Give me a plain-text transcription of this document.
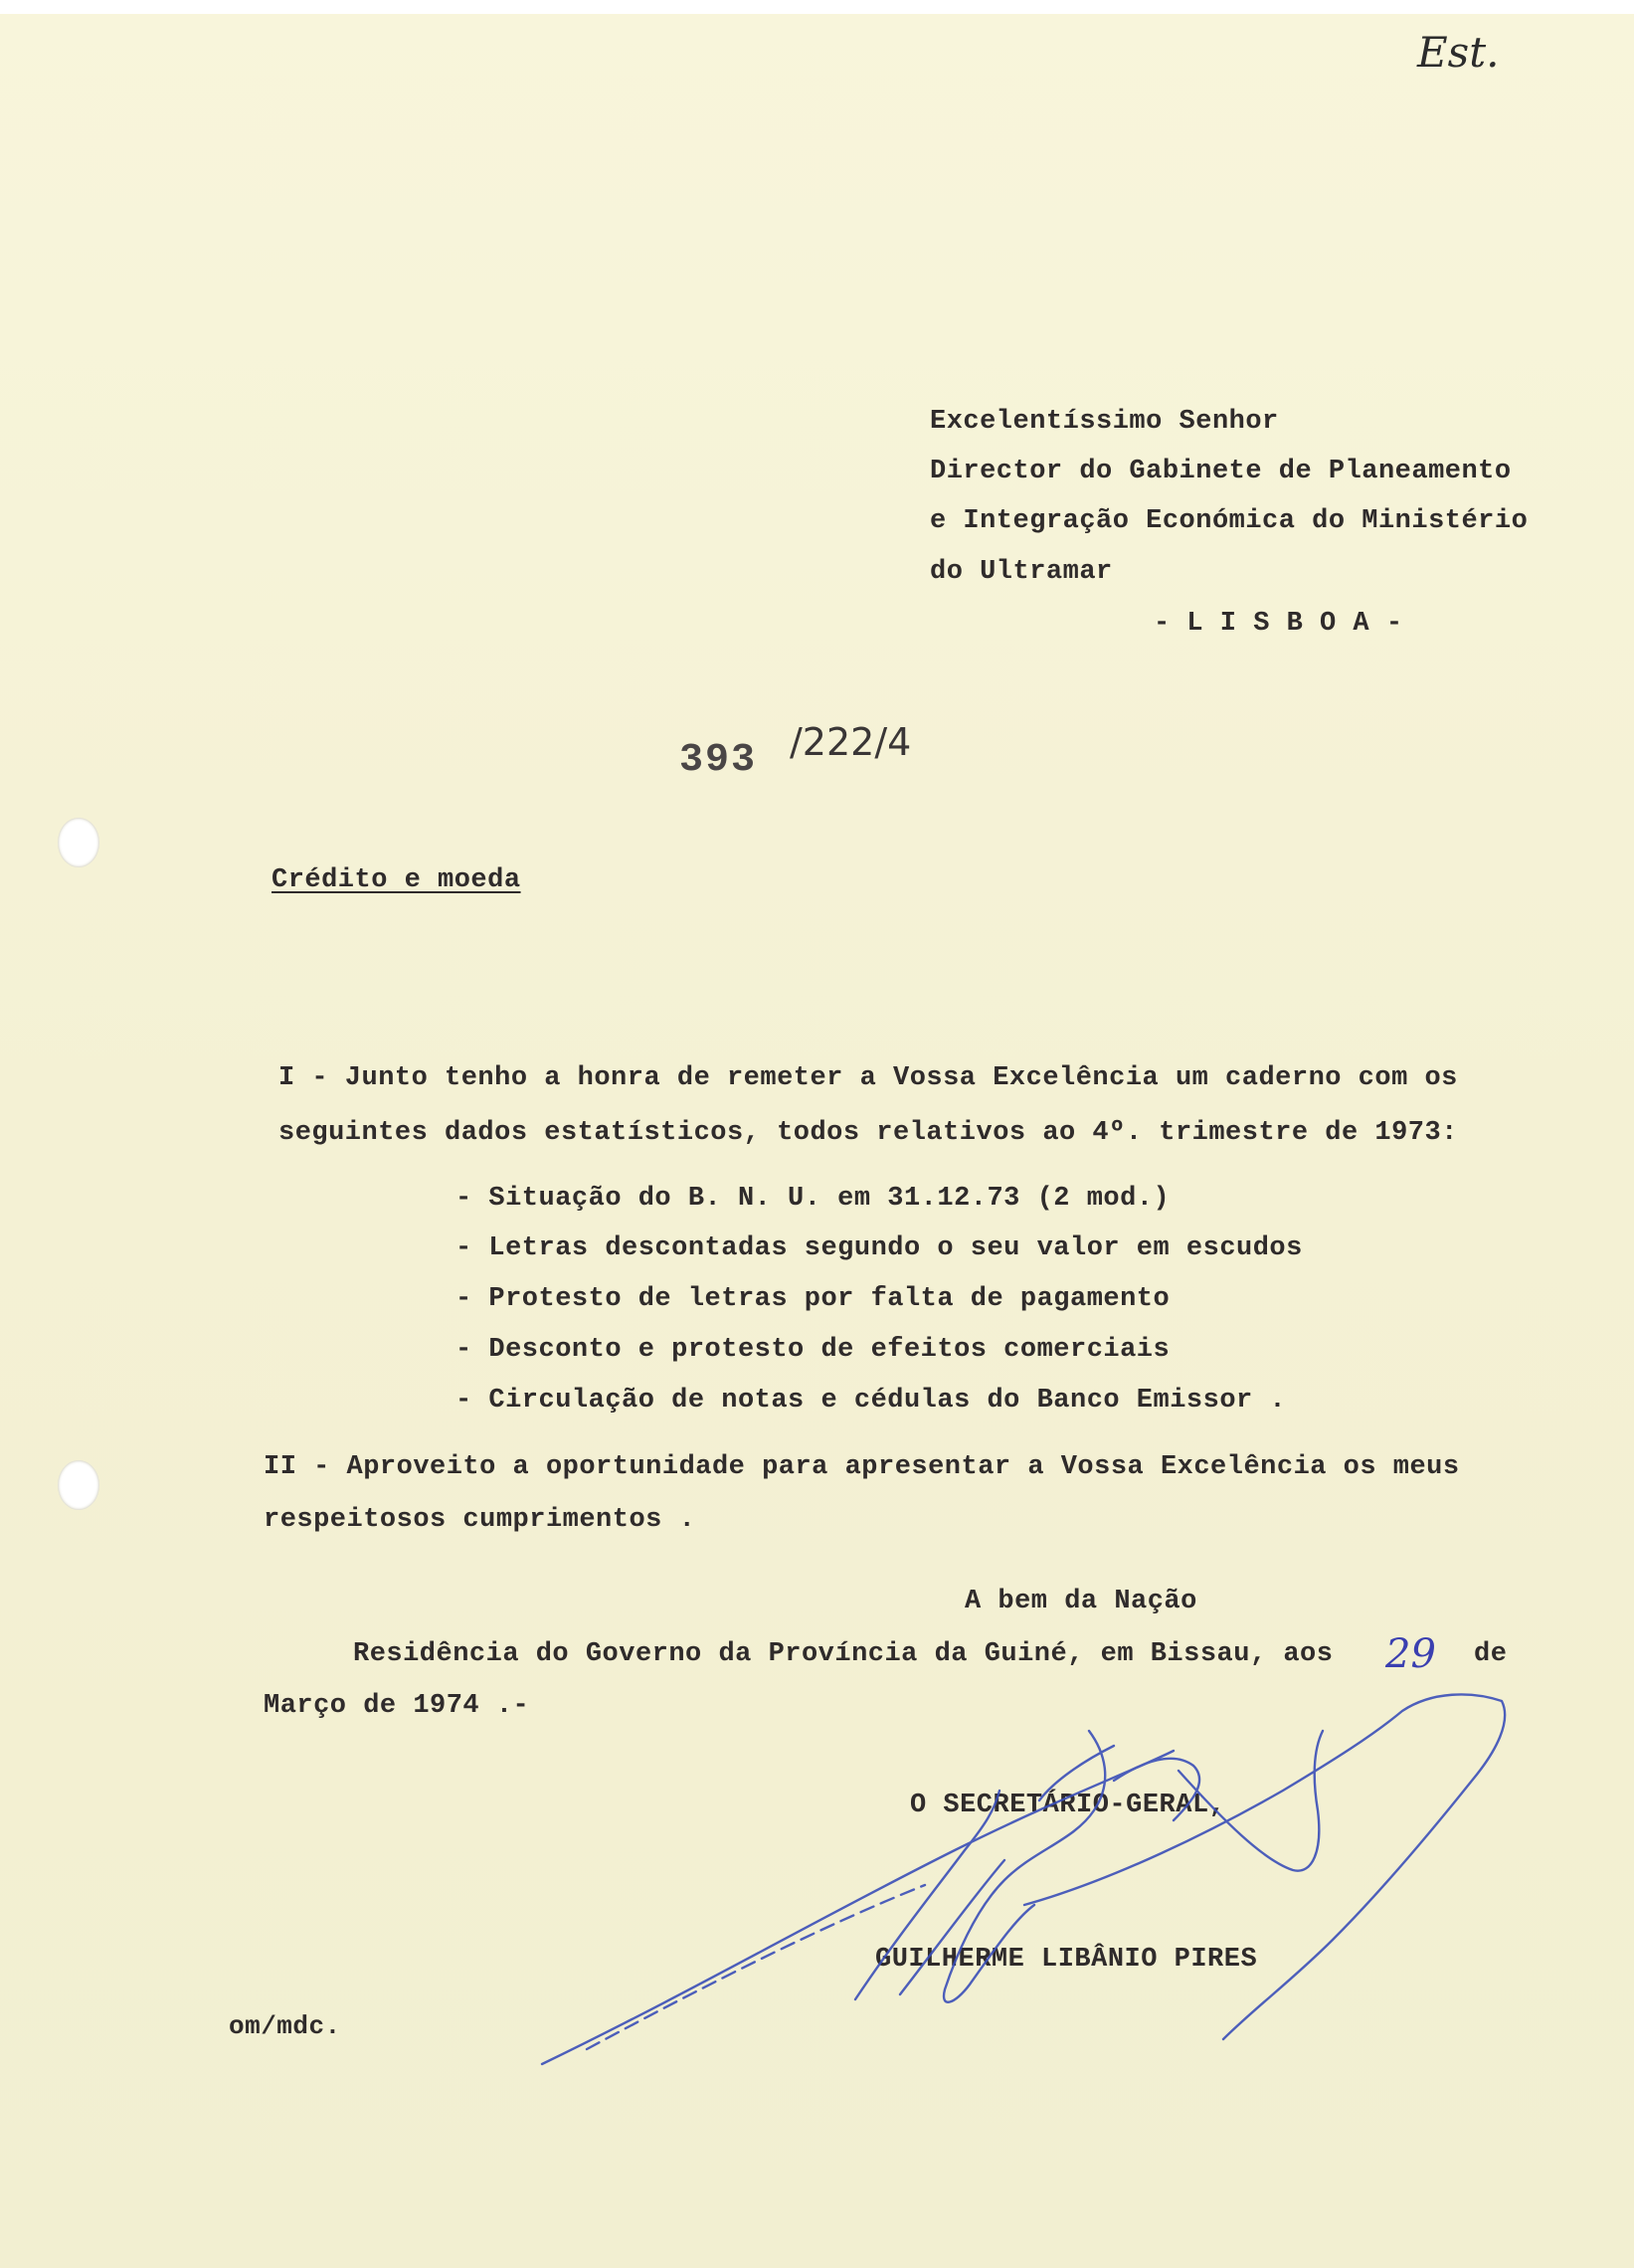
Est.
Excelentíssimo Senhor
Director do Gabinete de Planeamento
e Integração Económica do Ministério
do Ultramar
- L I S B O A -
393 /222/4
Crédito e moeda
I - Junto tenho a honra de remeter a Vossa Excelência um caderno com os
seguintes dados estatísticos, todos relativos ao 4º. trimestre de 1973:
- Situação do B. N. U. em 31.12.73 (2 mod.)
- Letras descontadas segundo o seu valor em escudos
- Protesto de letras por falta de pagamento
- Desconto e protesto de efeitos comerciais
- Circulação de notas e cédulas do Banco Emissor .
II - Aproveito a oportunidade para apresentar a Vossa Excelência os meus
respeitosos cumprimentos .
A bem da Nação
Residência do Governo da Província da Guiné, em Bissau, aos 29 de
Março de 1974 .-
O SECRETÁRIO-GERAL,
GUILHERME LIBÂNIO PIRES
om/mdc.
